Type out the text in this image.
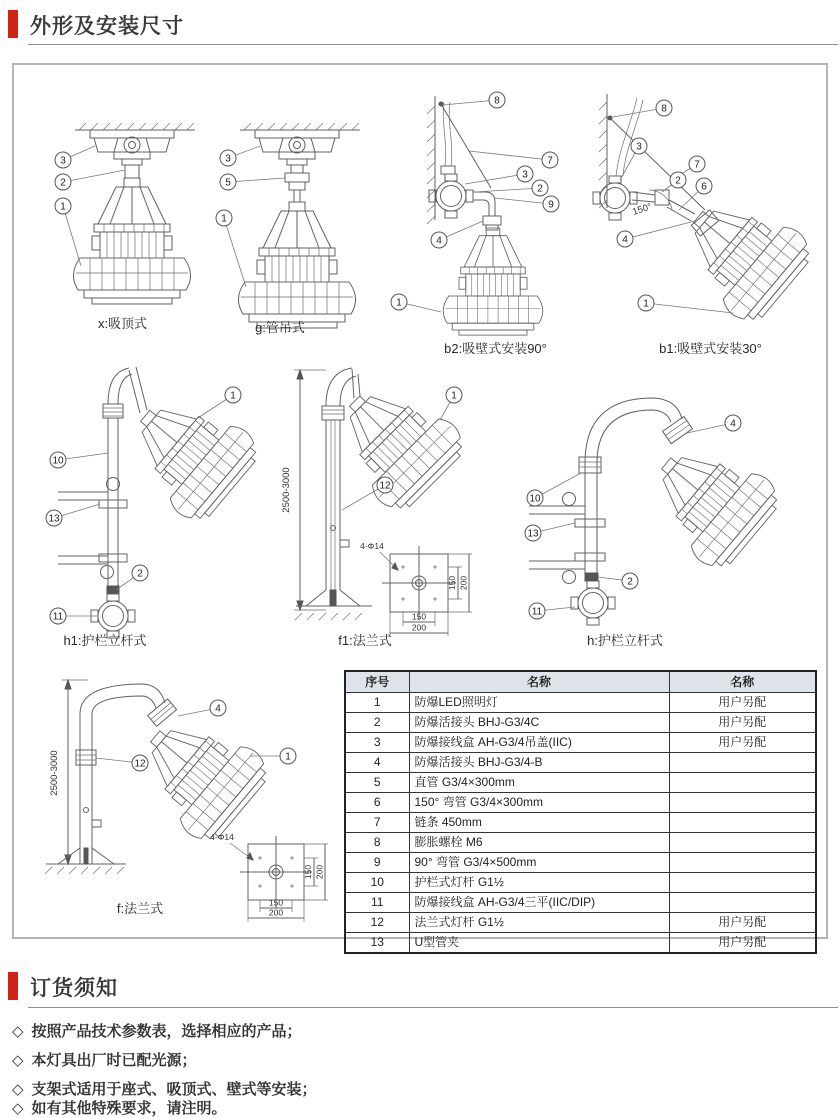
外形及安装尺寸
3
2
1
3
5
1
8
7
3
2
9
4
1
150°
8
3
7
2
6
4
1
1
10
13
2
11
2500-3000
4-Φ14
150 200
150
200
1
12
4
10
13
2
11
2500-3000
4-Φ14
150 200
150
200
4
12
1
x:吸顶式	g:管吊式
b2:吸壁式安装90°	b1:吸壁式安装30°
h1:护栏立杆式	f1:法兰式	h:护栏立杆式
f:法兰式
序号	名称	名称
1	防爆LED照明灯	用户另配
2	防爆活接头 BHJ-G3/4C	用户另配
3	防爆接线盒 AH-G3/4吊盖(IIC)	用户另配
4	防爆活接头 BHJ-G3/4-B	
5	直管 G3/4×300mm	
6	150° 弯管 G3/4×300mm	
7	链条 450mm	
8	膨胀螺栓 M6	
9	90° 弯管 G3/4×500mm	
10	护栏式灯杆 G1½	
11	防爆接线盒 AH-G3/4三平(IIC/DIP)	
12	法兰式灯杆 G1½	用户另配
13	U型管夹	用户另配
订货须知
◇ 按照产品技术参数表，选择相应的产品；
◇ 本灯具出厂时已配光源；
◇ 支架式适用于座式、吸顶式、壁式等安装；
◇ 如有其他特殊要求，请注明。
